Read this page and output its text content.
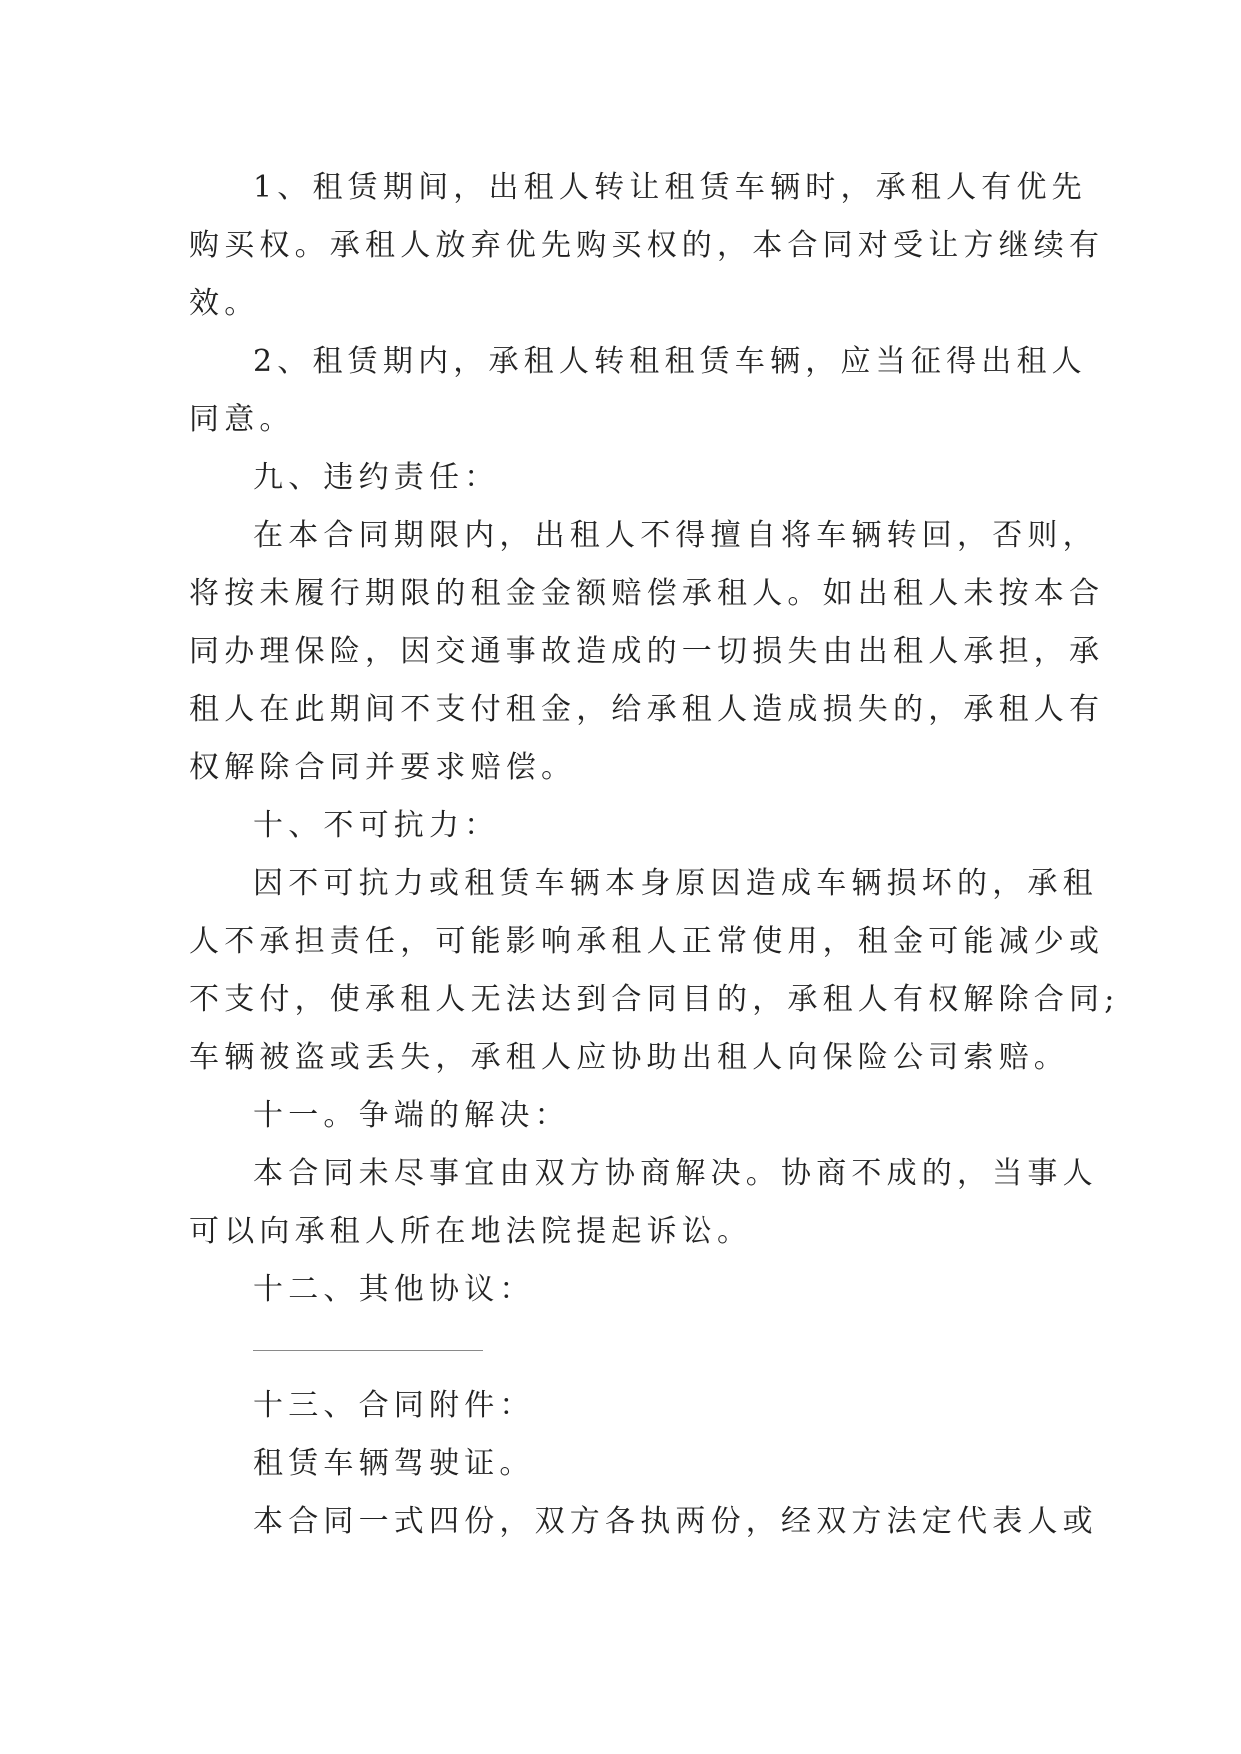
1、租赁期间，出租人转让租赁车辆时，承租人有优先
购买权。承租人放弃优先购买权的，本合同对受让方继续有
效。
2、租赁期内，承租人转租租赁车辆，应当征得出租人
同意。
九、违约责任：
在本合同期限内，出租人不得擅自将车辆转回，否则，
将按未履行期限的租金金额赔偿承租人。如出租人未按本合
同办理保险，因交通事故造成的一切损失由出租人承担，承
租人在此期间不支付租金，给承租人造成损失的，承租人有
权解除合同并要求赔偿。
十、不可抗力：
因不可抗力或租赁车辆本身原因造成车辆损坏的，承租
人不承担责任，可能影响承租人正常使用，租金可能减少或
不支付，使承租人无法达到合同目的，承租人有权解除合同;
车辆被盗或丢失，承租人应协助出租人向保险公司索赔。
十一。争端的解决：
本合同未尽事宜由双方协商解决。协商不成的，当事人
可以向承租人所在地法院提起诉讼。
十二、其他协议：
十三、合同附件：
租赁车辆驾驶证。
本合同一式四份，双方各执两份，经双方法定代表人或
